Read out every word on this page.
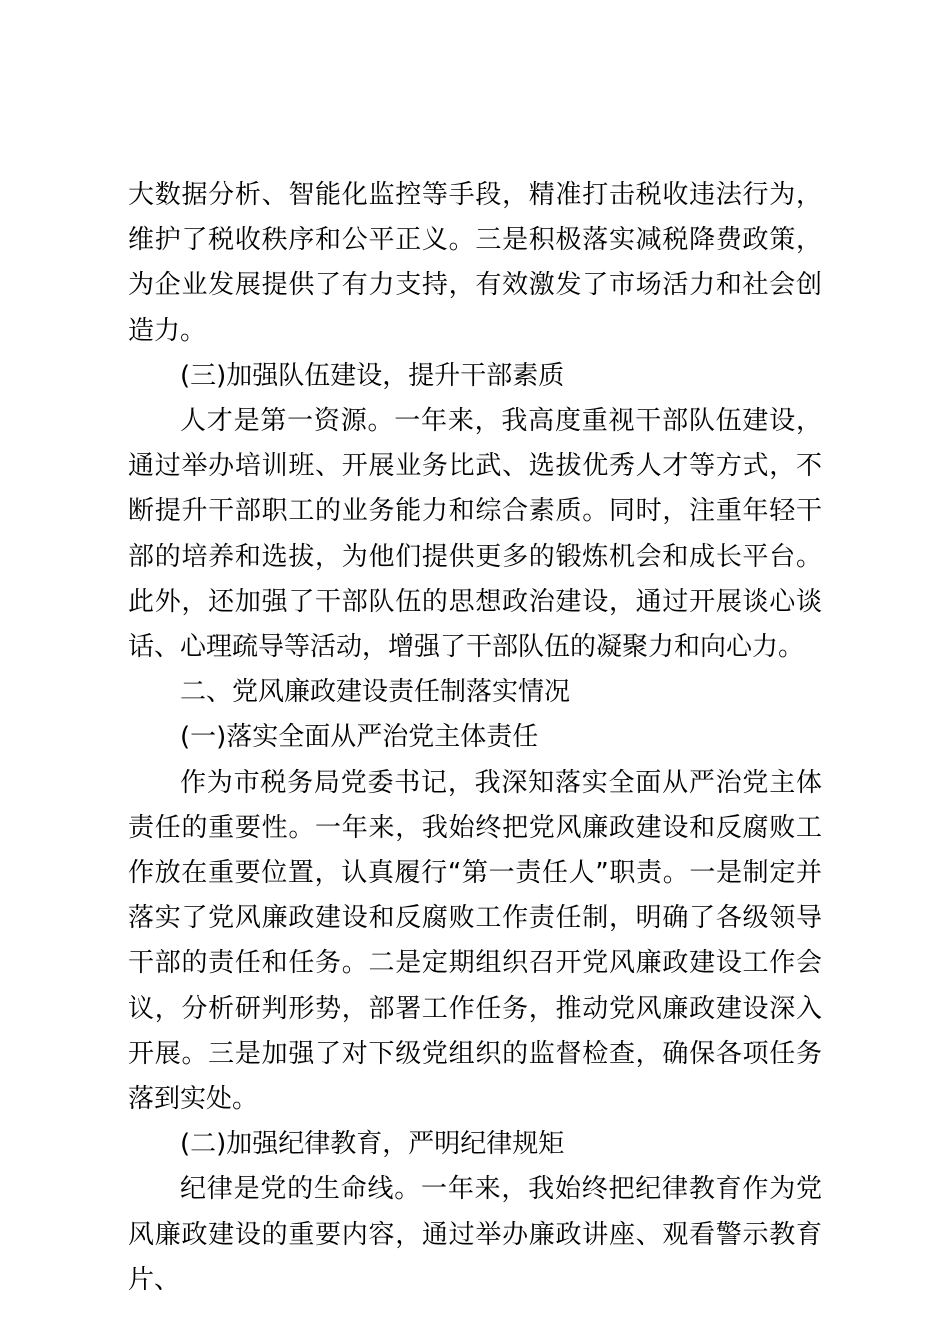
大数据分析、智能化监控等手段，精准打击税收违法行为，维护了税收秩序和公平正义。三是积极落实减税降费政策，为企业发展提供了有力支持，有效激发了市场活力和社会创造力。

(三)加强队伍建设，提升干部素质

人才是第一资源。一年来，我高度重视干部队伍建设，通过举办培训班、开展业务比武、选拔优秀人才等方式，不断提升干部职工的业务能力和综合素质。同时，注重年轻干部的培养和选拔，为他们提供更多的锻炼机会和成长平台。此外，还加强了干部队伍的思想政治建设，通过开展谈心谈话、心理疏导等活动，增强了干部队伍的凝聚力和向心力。

二、党风廉政建设责任制落实情况

(一)落实全面从严治党主体责任

作为市税务局党委书记，我深知落实全面从严治党主体责任的重要性。一年来，我始终把党风廉政建设和反腐败工作放在重要位置，认真履行“第一责任人”职责。一是制定并落实了党风廉政建设和反腐败工作责任制，明确了各级领导干部的责任和任务。二是定期组织召开党风廉政建设工作会议，分析研判形势，部署工作任务，推动党风廉政建设深入开展。三是加强了对下级党组织的监督检查，确保各项任务落到实处。

(二)加强纪律教育，严明纪律规矩

纪律是党的生命线。一年来，我始终把纪律教育作为党风廉政建设的重要内容，通过举办廉政讲座、观看警示教育片、
